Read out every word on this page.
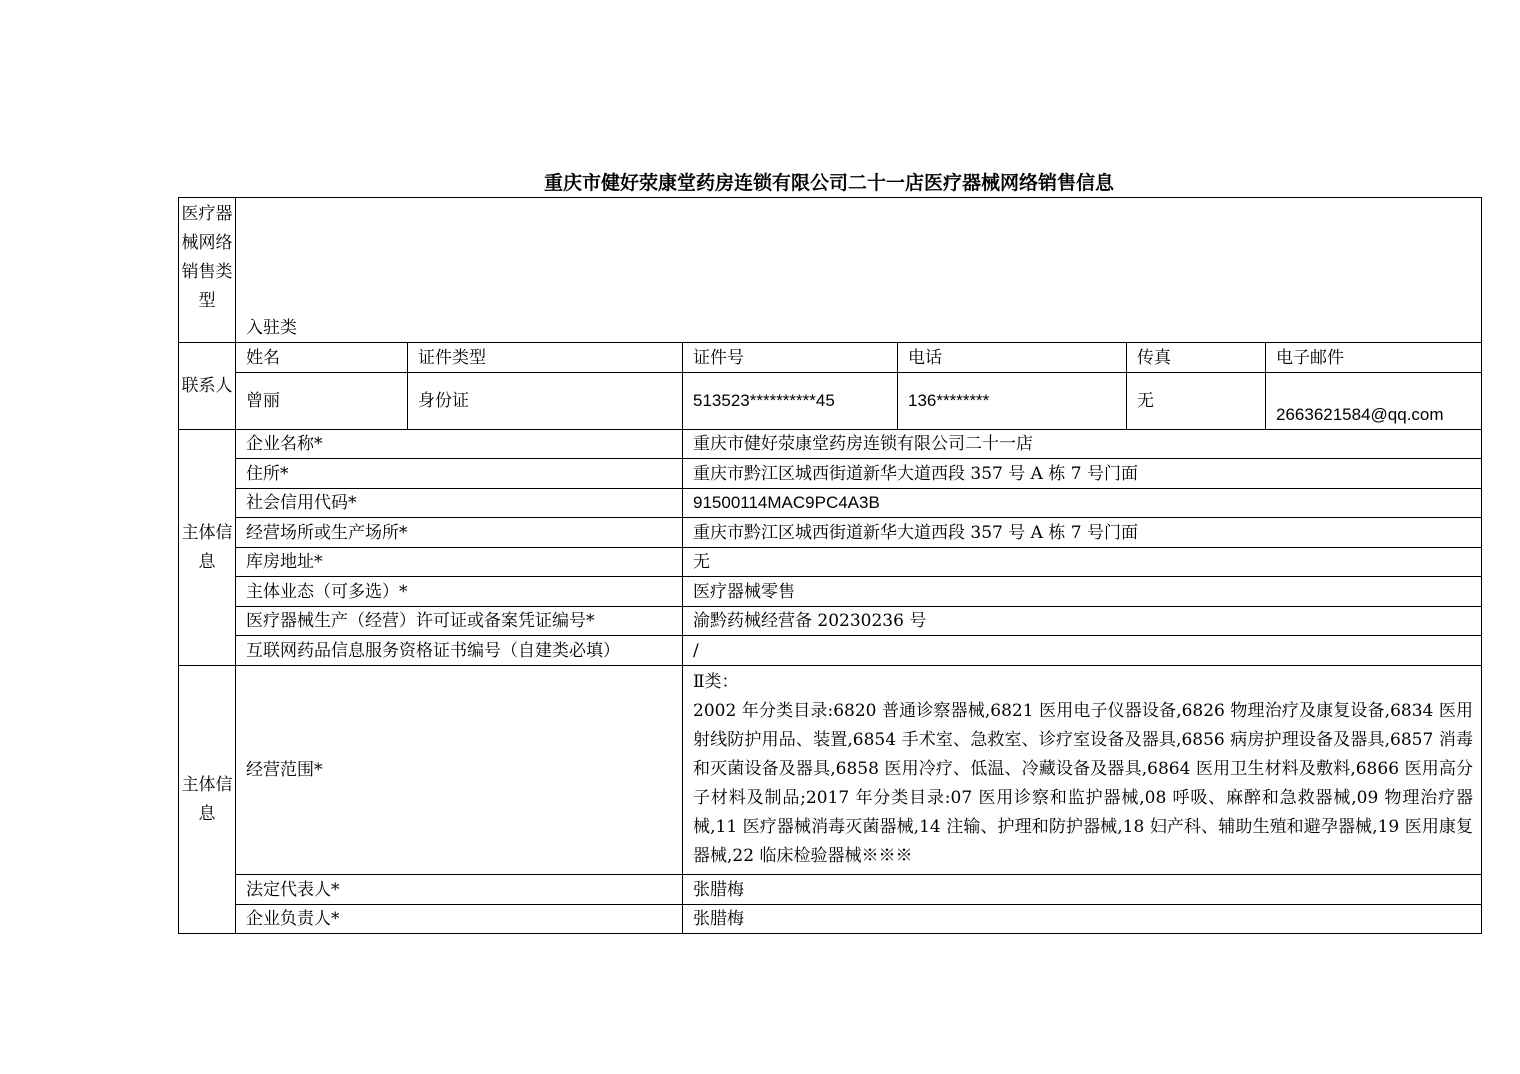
重庆市健好荥康堂药房连锁有限公司二十一店医疗器械网络销售信息
医疗器械网络销售类型	入驻类					
联系人	姓名	证件类型	证件号	电话	传真	电子邮件
	曾丽	身份证	513523**********45	136********	无	2663621584@qq.com
主体信息	企业名称*		重庆市健好荥康堂药房连锁有限公司二十一店			
	住所*		重庆市黔江区城西街道新华大道西段 357 号 A 栋 7 号门面			
	社会信用代码*		91500114MAC9PC4A3B			
	经营场所或生产场所*		重庆市黔江区城西街道新华大道西段 357 号 A 栋 7 号门面			
	库房地址*		无			
	主体业态（可多选）*		医疗器械零售			
	医疗器械生产（经营）许可证或备案凭证编号*		渝黔药械经营备 20230236 号			
	互联网药品信息服务资格证书编号（自建类必填）		/			
主体信息	经营范围*		Ⅱ类：
2002 年分类目录:6820 普通诊察器械,6821 医用电子仪器设备,6826 物理治疗及康复设备,6834 医用射线防护用品、装置,6854 手术室、急救室、诊疗室设备及器具,6856 病房护理设备及器具,6857 消毒和灭菌设备及器具,6858 医用冷疗、低温、冷藏设备及器具,6864 医用卫生材料及敷料,6866 医用高分子材料及制品;2017 年分类目录:07 医用诊察和监护器械,08 呼吸、麻醉和急救器械,09 物理治疗器械,11 医疗器械消毒灭菌器械,14 注输、护理和防护器械,18 妇产科、辅助生殖和避孕器械,19 医用康复器械,22 临床检验器械※※※			

	法定代表人*		张腊梅			
	企业负责人*		张腊梅			
